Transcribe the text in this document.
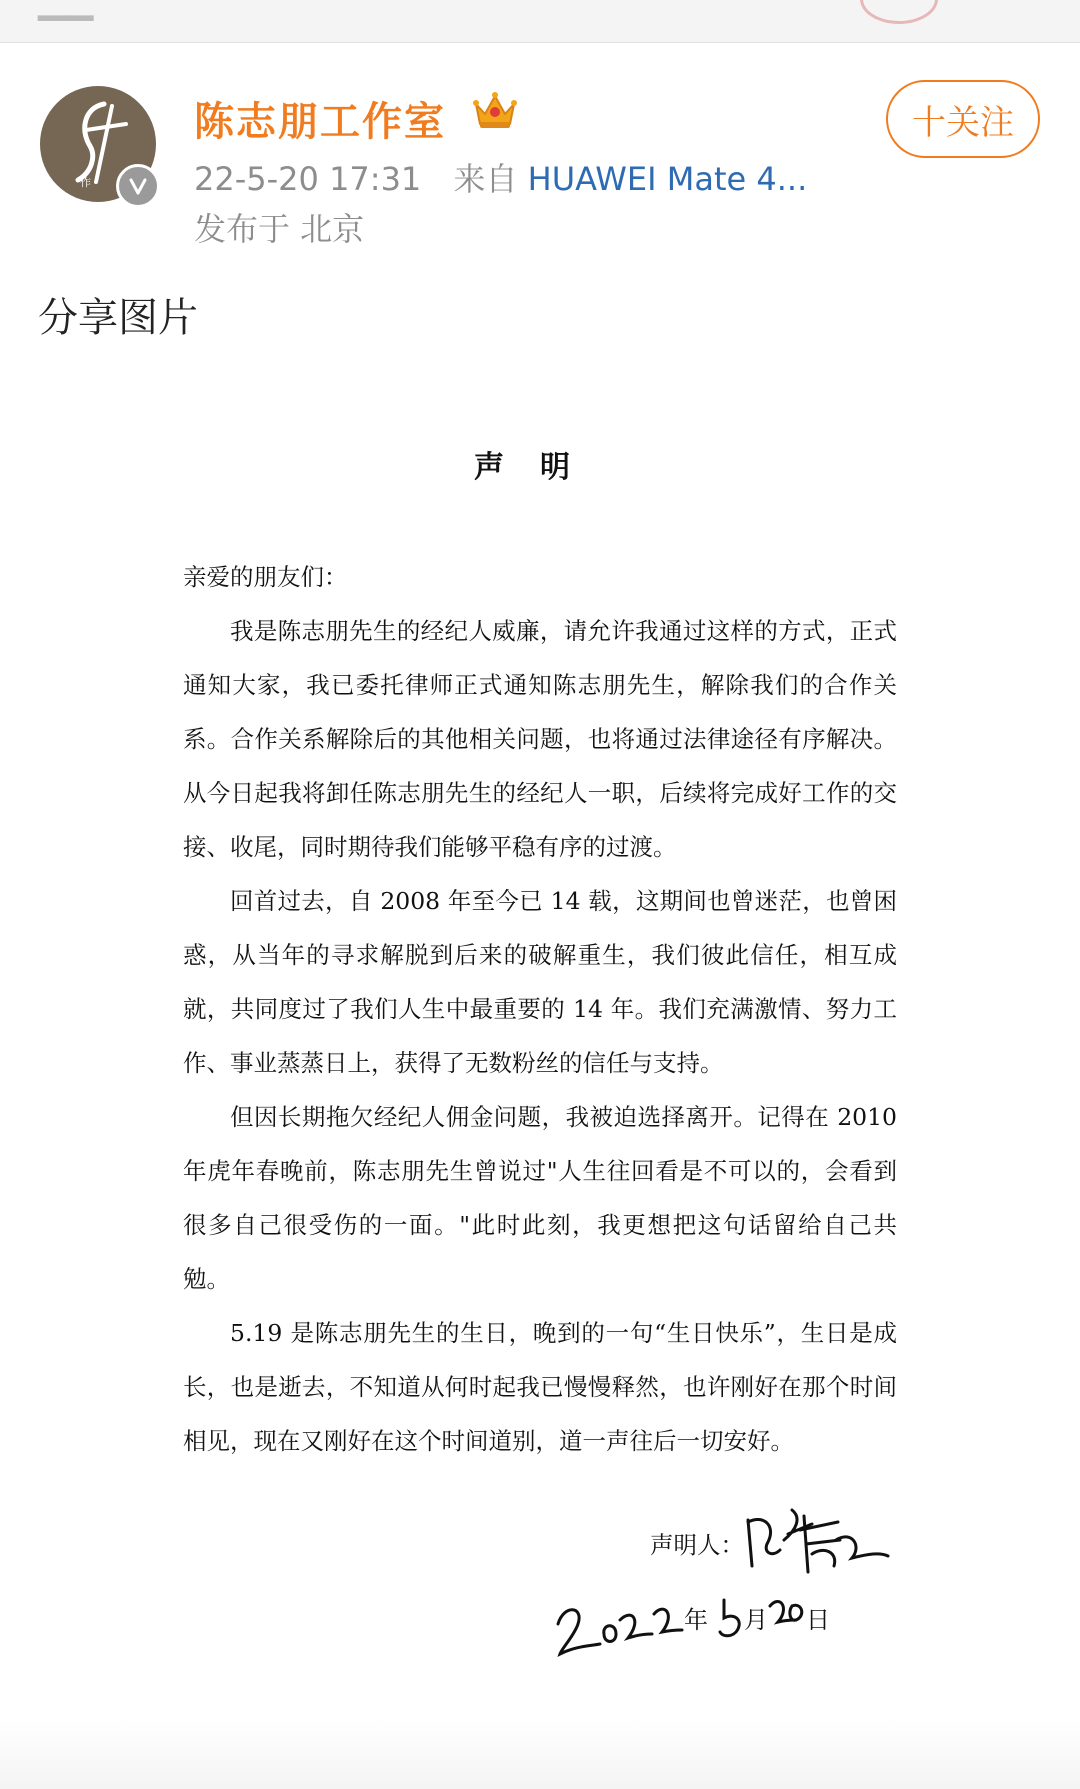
▁▁
作
陈志朋工作室
22-5-20 17:31 来自 HUAWEI Mate 4...
发布于 北京
十关注
分享图片
声明

亲爱的朋友们：

我是陈志朋先生的经纪人威廉，请允许我通过这样的方式，正式通知大家，我已委托律师正式通知陈志朋先生，解除我们的合作关系。合作关系解除后的其他相关问题，也将通过法律途径有序解决。从今日起我将卸任陈志朋先生的经纪人一职，后续将完成好工作的交接、收尾，同时期待我们能够平稳有序的过渡。

回首过去，自 2008 年至今已 14 载，这期间也曾迷茫，也曾困惑，从当年的寻求解脱到后来的破解重生，我们彼此信任，相互成就，共同度过了我们人生中最重要的 14 年。我们充满激情、努力工作、事业蒸蒸日上，获得了无数粉丝的信任与支持。

但因长期拖欠经纪人佣金问题，我被迫选择离开。记得在 2010 年虎年春晚前，陈志朋先生曾说过"人生往回看是不可以的，会看到很多自己很受伤的一面。"此时此刻，我更想把这句话留给自己共勉。

5.19 是陈志朋先生的生日，晚到的一句“生日快乐”，生日是成长，也是逝去，不知道从何时起我已慢慢释然，也许刚好在那个时间相见，现在又刚好在这个时间道别，道一声往后一切安好。

声明人：
年 月 日
